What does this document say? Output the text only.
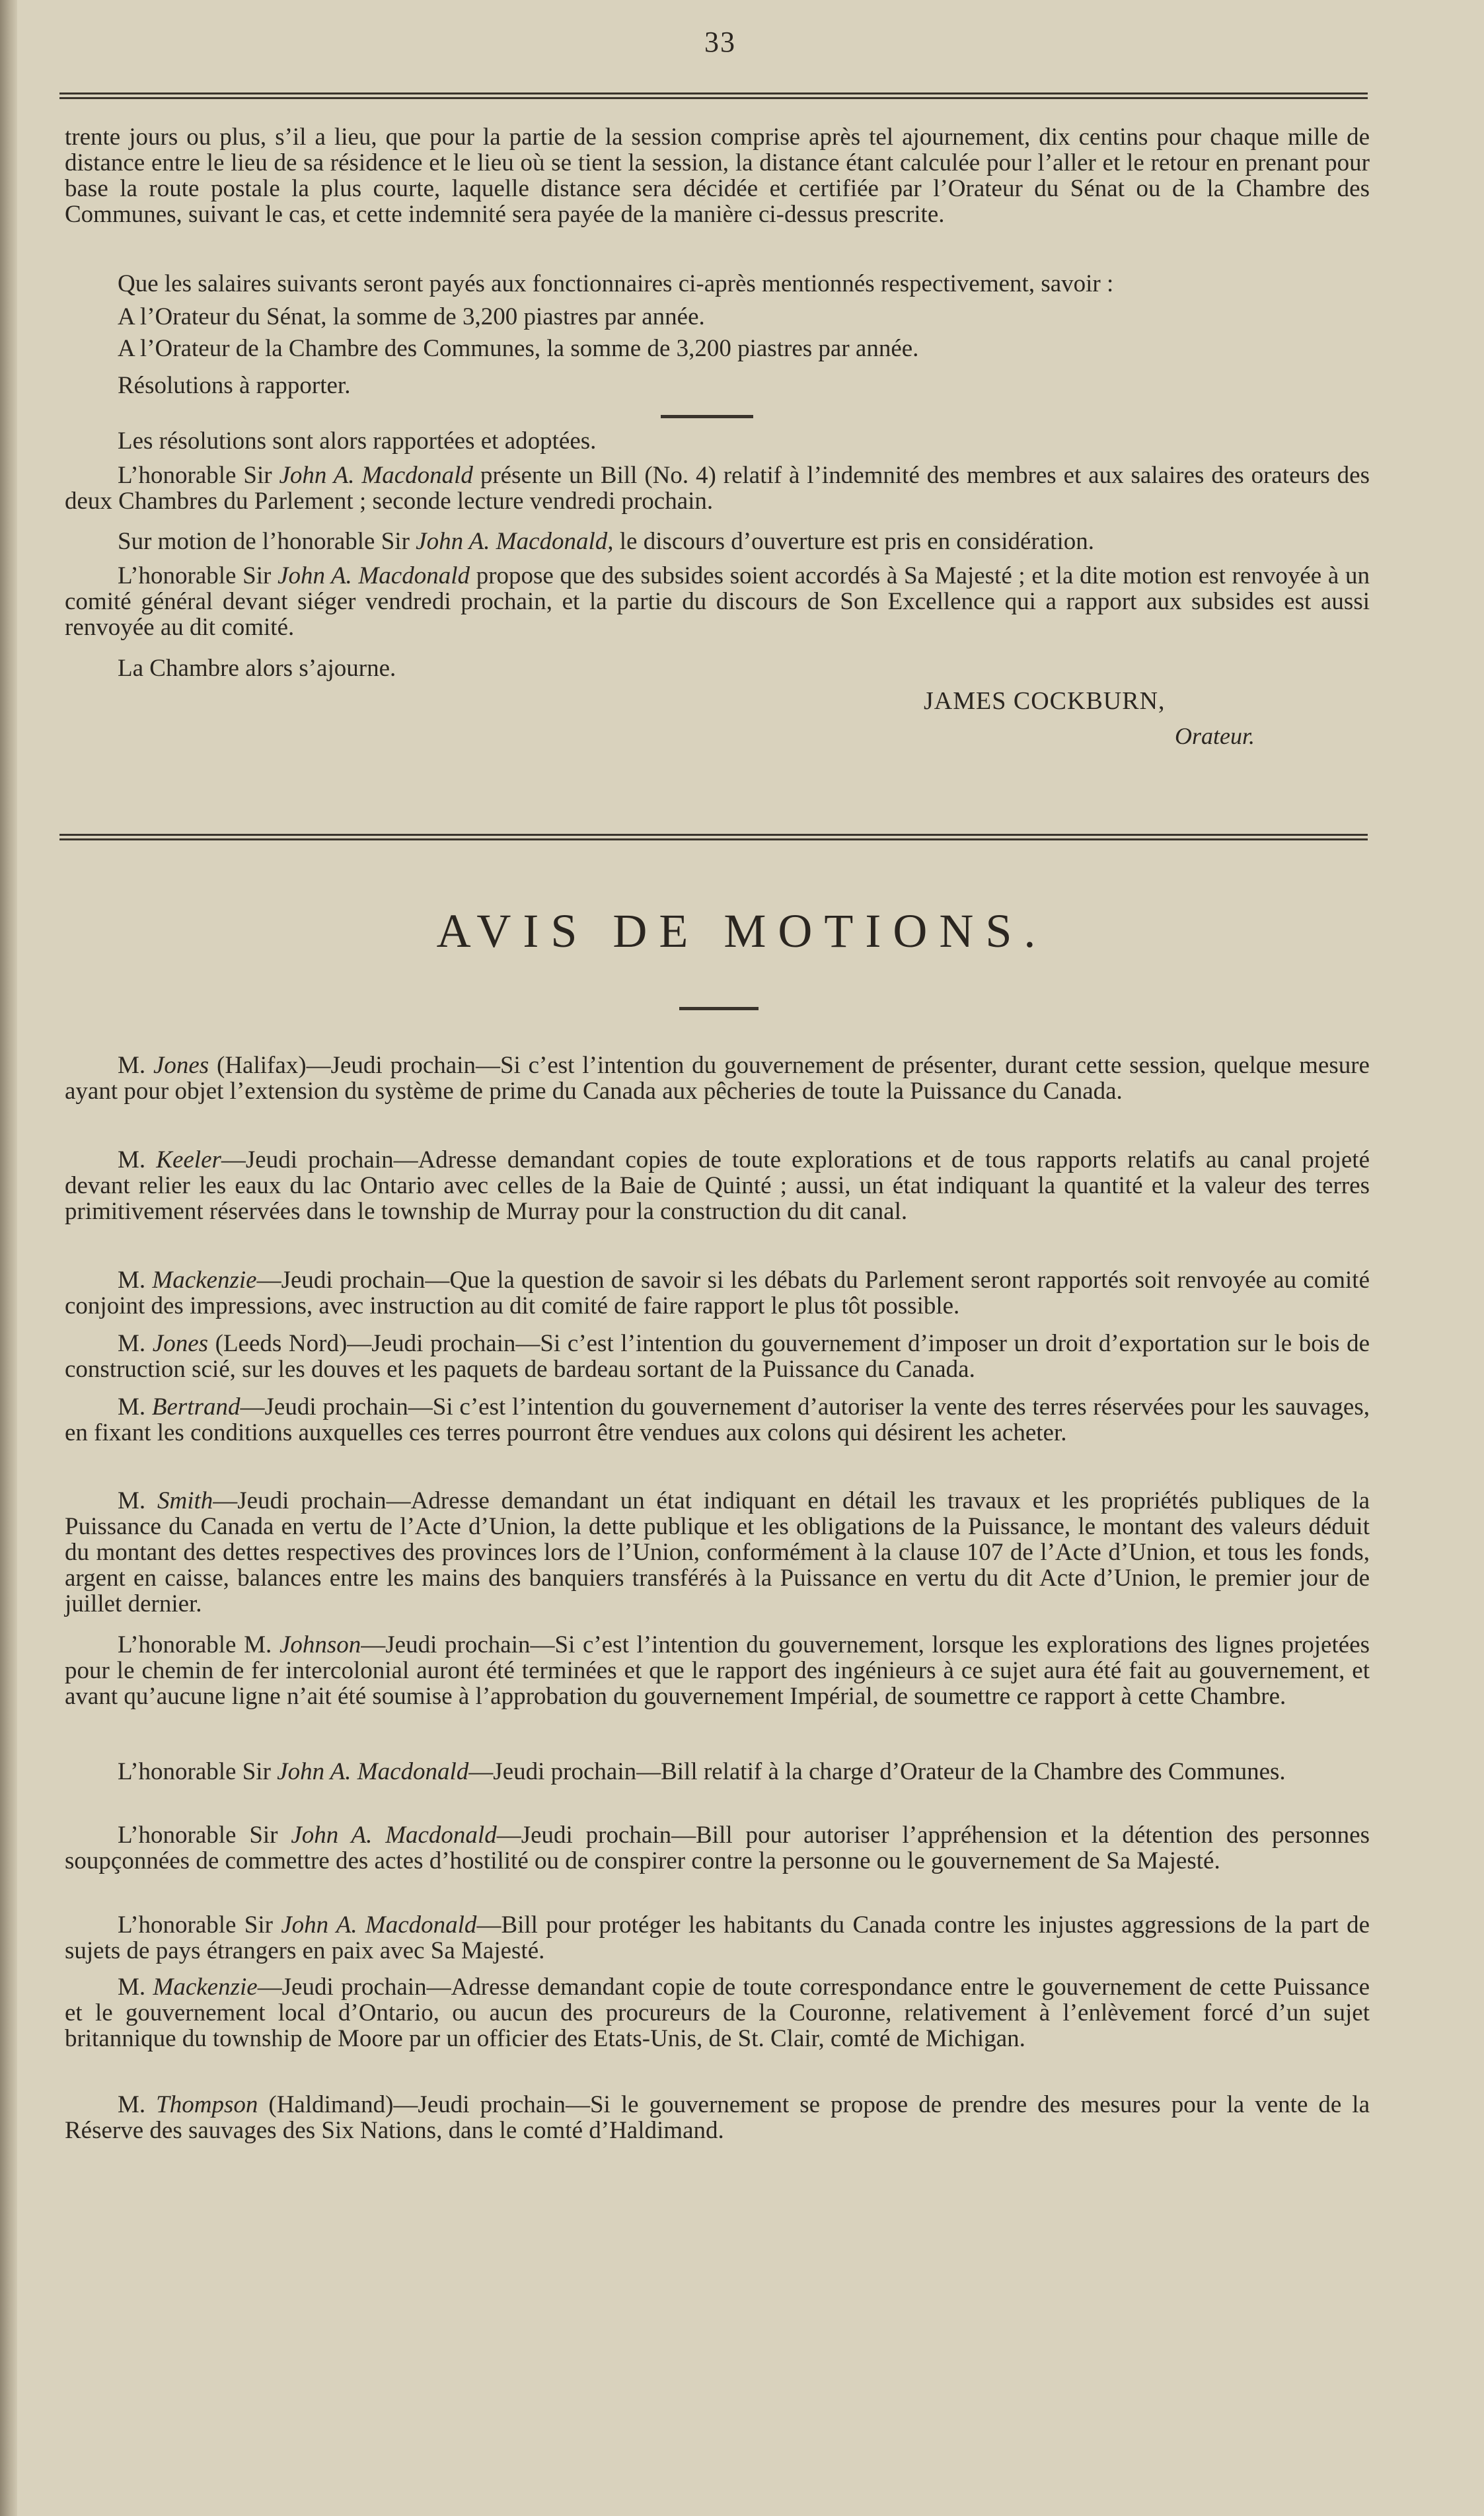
33

trente jours ou plus, s’il a lieu, que pour la partie de la session comprise après tel ajournement, dix centins pour chaque mille de distance entre le lieu de sa résidence et le lieu où se tient la session, la distance étant calculée pour l’aller et le retour en prenant pour base la route postale la plus courte, laquelle distance sera décidée et certifiée par l’Orateur du Sénat ou de la Chambre des Communes, suivant le cas, et cette indemnité sera payée de la manière ci-dessus prescrite.

Que les salaires suivants seront payés aux fonctionnaires ci-après mentionnés respectivement, savoir :

A l’Orateur du Sénat, la somme de 3,200 piastres par année.

A l’Orateur de la Chambre des Communes, la somme de 3,200 piastres par année.

Résolutions à rapporter.

Les résolutions sont alors rapportées et adoptées.

L’honorable Sir John A. Macdonald présente un Bill (No. 4) relatif à l’indemnité des membres et aux salaires des orateurs des deux Chambres du Parlement ; seconde lecture vendredi prochain.

Sur motion de l’honorable Sir John A. Macdonald, le discours d’ouverture est pris en considération.

L’honorable Sir John A. Macdonald propose que des subsides soient accordés à Sa Majesté ; et la dite motion est renvoyée à un comité général devant siéger vendredi prochain, et la partie du discours de Son Excellence qui a rapport aux subsides est aussi renvoyée au dit comité.

La Chambre alors s’ajourne.

JAMES COCKBURN,
Orateur.
AVIS DE MOTIONS.

M. Jones (Halifax)—Jeudi prochain—Si c’est l’intention du gouvernement de présenter, durant cette session, quelque mesure ayant pour objet l’extension du système de prime du Canada aux pêcheries de toute la Puissance du Canada.

M. Keeler—Jeudi prochain—Adresse demandant copies de toute explorations et de tous rapports relatifs au canal projeté devant relier les eaux du lac Ontario avec celles de la Baie de Quinté ; aussi, un état indiquant la quantité et la valeur des terres primitivement réservées dans le township de Murray pour la construction du dit canal.

M. Mackenzie—Jeudi prochain—Que la question de savoir si les débats du Parlement seront rapportés soit renvoyée au comité conjoint des impressions, avec instruction au dit comité de faire rapport le plus tôt possible.

M. Jones (Leeds Nord)—Jeudi prochain—Si c’est l’intention du gouvernement d’imposer un droit d’exportation sur le bois de construction scié, sur les douves et les paquets de bardeau sortant de la Puissance du Canada.

M. Bertrand—Jeudi prochain—Si c’est l’intention du gouvernement d’autoriser la vente des terres réservées pour les sauvages, en fixant les conditions auxquelles ces terres pourront être vendues aux colons qui désirent les acheter.

M. Smith—Jeudi prochain—Adresse demandant un état indiquant en détail les travaux et les propriétés publiques de la Puissance du Canada en vertu de l’Acte d’Union, la dette publique et les obligations de la Puissance, le montant des valeurs déduit du montant des dettes respectives des provinces lors de l’Union, conformément à la clause 107 de l’Acte d’Union, et tous les fonds, argent en caisse, balances entre les mains des banquiers transférés à la Puissance en vertu du dit Acte d’Union, le premier jour de juillet dernier.

L’honorable M. Johnson—Jeudi prochain—Si c’est l’intention du gouvernement, lorsque les explorations des lignes projetées pour le chemin de fer intercolonial auront été terminées et que le rapport des ingénieurs à ce sujet aura été fait au gouvernement, et avant qu’aucune ligne n’ait été soumise à l’approbation du gouvernement Impérial, de soumettre ce rapport à cette Chambre.

L’honorable Sir John A. Macdonald—Jeudi prochain—Bill relatif à la charge d’Orateur de la Chambre des Communes.

L’honorable Sir John A. Macdonald—Jeudi prochain—Bill pour autoriser l’appréhension et la détention des personnes soupçonnées de commettre des actes d’hostilité ou de conspirer contre la personne ou le gouvernement de Sa Majesté.

L’honorable Sir John A. Macdonald—Bill pour protéger les habitants du Canada contre les injustes aggressions de la part de sujets de pays étrangers en paix avec Sa Majesté.

M. Mackenzie—Jeudi prochain—Adresse demandant copie de toute correspondance entre le gouvernement de cette Puissance et le gouvernement local d’Ontario, ou aucun des procureurs de la Couronne, relativement à l’enlèvement forcé d’un sujet britannique du township de Moore par un officier des Etats-Unis, de St. Clair, comté de Michigan.

M. Thompson (Haldimand)—Jeudi prochain—Si le gouvernement se propose de prendre des mesures pour la vente de la Réserve des sauvages des Six Nations, dans le comté d’Haldimand.
